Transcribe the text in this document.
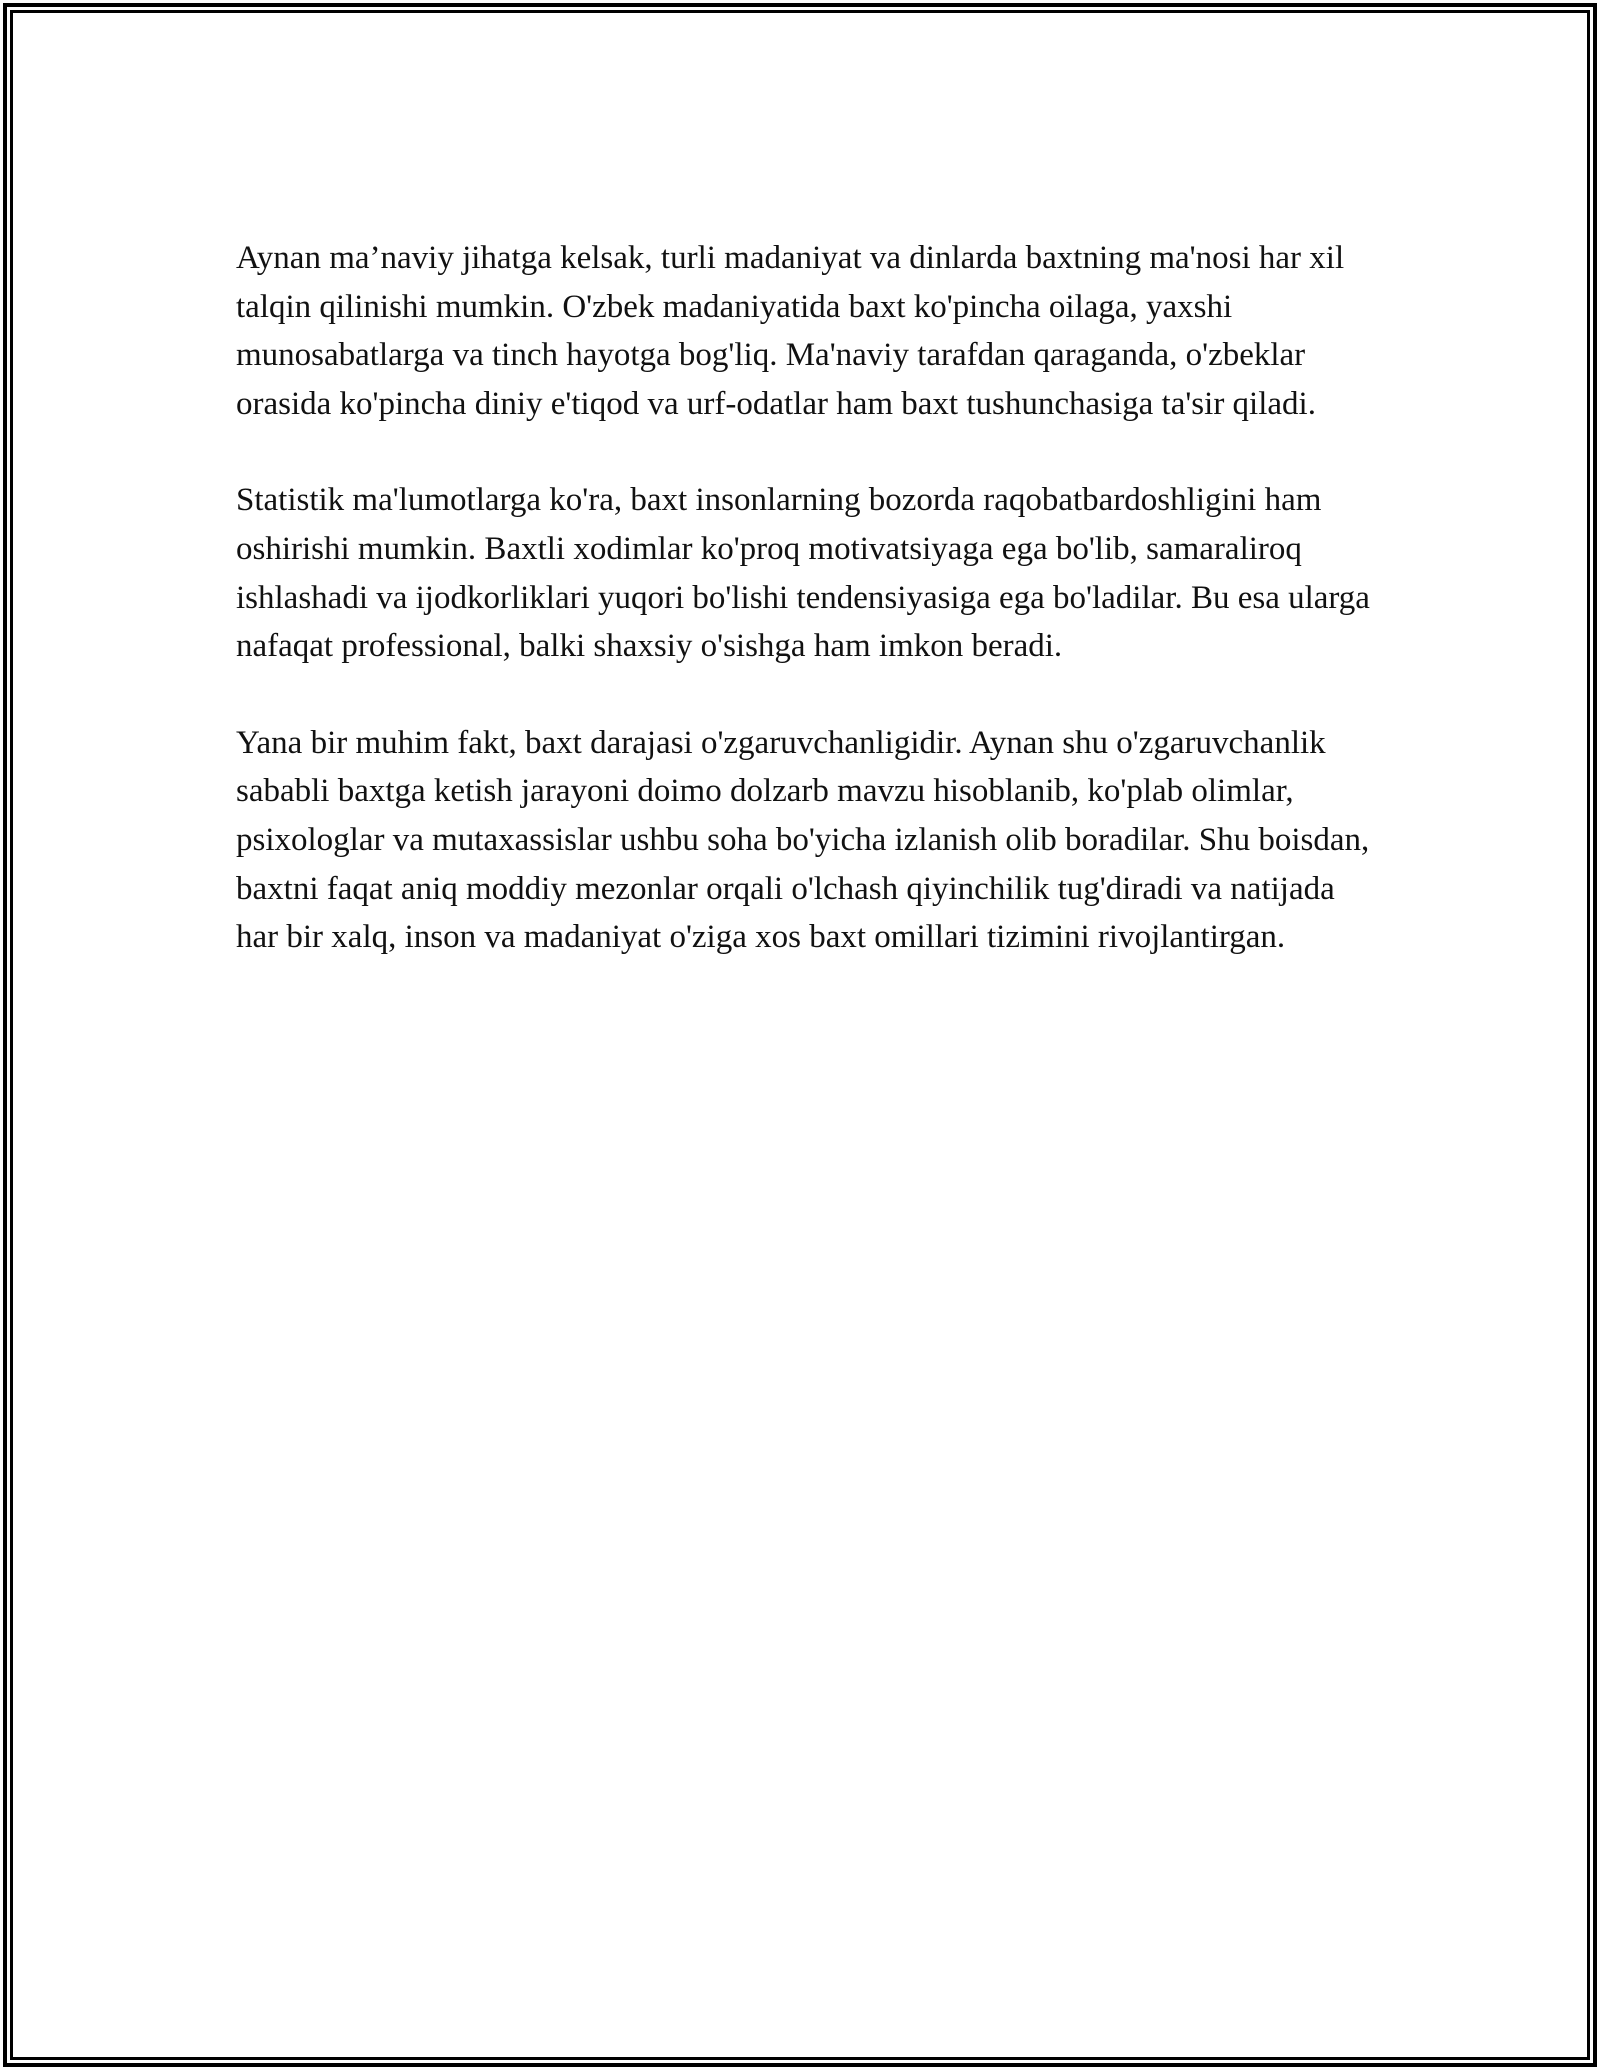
Aynan ma’naviy jihatga kelsak, turli madaniyat va dinlarda baxtning ma'nosi har xil talqin qilinishi mumkin. O'zbek madaniyatida baxt ko'pincha oilaga, yaxshi munosabatlarga va tinch hayotga bog'liq. Ma'naviy tarafdan qaraganda, o'zbeklar orasida ko'pincha diniy e'tiqod va urf-odatlar ham baxt tushunchasiga ta'sir qiladi.

Statistik ma'lumotlarga ko'ra, baxt insonlarning bozorda raqobatbardoshligini ham oshirishi mumkin. Baxtli xodimlar ko'proq motivatsiyaga ega bo'lib, samaraliroq ishlashadi va ijodkorliklari yuqori bo'lishi tendensiyasiga ega bo'ladilar. Bu esa ularga nafaqat professional, balki shaxsiy o'sishga ham imkon beradi.

Yana bir muhim fakt, baxt darajasi o'zgaruvchanligidir. Aynan shu o'zgaruvchanlik sababli baxtga ketish jarayoni doimo dolzarb mavzu hisoblanib, ko'plab olimlar, psixologlar va mutaxassislar ushbu soha bo'yicha izlanish olib boradilar. Shu boisdan, baxtni faqat aniq moddiy mezonlar orqali o'lchash qiyinchilik tug'diradi va natijada har bir xalq, inson va madaniyat o'ziga xos baxt omillari tizimini rivojlantirgan.
